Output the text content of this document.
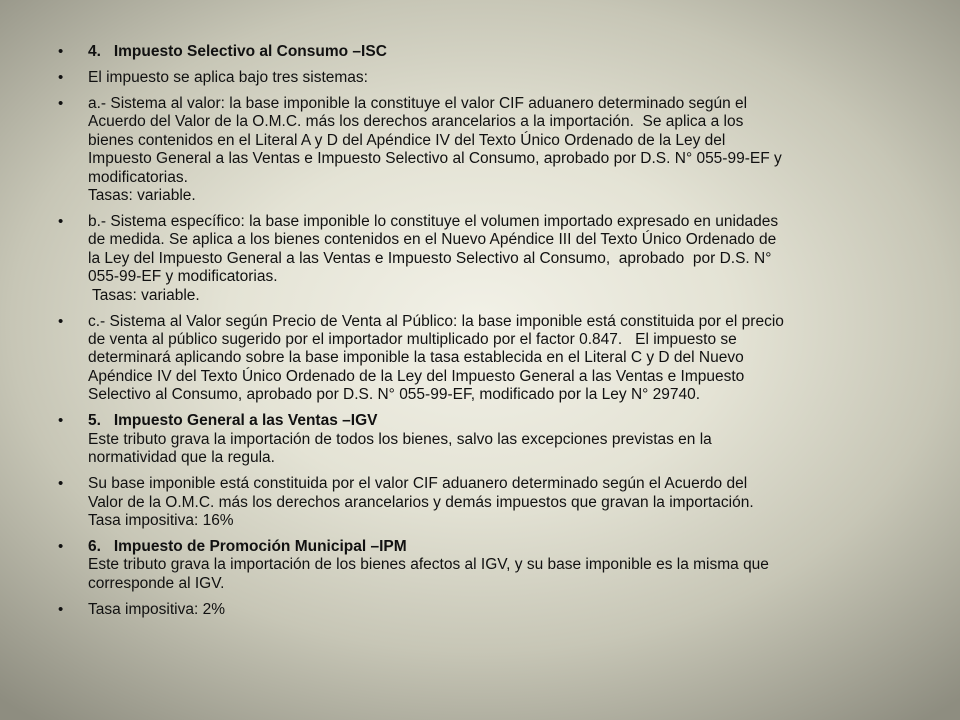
• 4.   Impuesto Selectivo al Consumo –ISC
• El impuesto se aplica bajo tres sistemas:
• a.- Sistema al valor: la base imponible la constituye el valor CIF aduanero determinado según el
Acuerdo del Valor de la O.M.C. más los derechos arancelarios a la importación.  Se aplica a los
bienes contenidos en el Literal A y D del Apéndice IV del Texto Único Ordenado de la Ley del
Impuesto General a las Ventas e Impuesto Selectivo al Consumo, aprobado por D.S. N° 055-99-EF y
modificatorias.
Tasas: variable.
• b.- Sistema específico: la base imponible lo constituye el volumen importado expresado en unidades
de medida. Se aplica a los bienes contenidos en el Nuevo Apéndice III del Texto Único Ordenado de
la Ley del Impuesto General a las Ventas e Impuesto Selectivo al Consumo,  aprobado  por D.S. N°
055-99-EF y modificatorias.
Tasas: variable.
• c.- Sistema al Valor según Precio de Venta al Público: la base imponible está constituida por el precio
de venta al público sugerido por el importador multiplicado por el factor 0.847.   El impuesto se
determinará aplicando sobre la base imponible la tasa establecida en el Literal C y D del Nuevo
Apéndice IV del Texto Único Ordenado de la Ley del Impuesto General a las Ventas e Impuesto
Selectivo al Consumo, aprobado por D.S. N° 055-99-EF, modificado por la Ley N° 29740.
• 5.   Impuesto General a las Ventas –IGV
Este tributo grava la importación de todos los bienes, salvo las excepciones previstas en la
normatividad que la regula.
• Su base imponible está constituida por el valor CIF aduanero determinado según el Acuerdo del
Valor de la O.M.C. más los derechos arancelarios y demás impuestos que gravan la importación.
Tasa impositiva: 16%
• 6.   Impuesto de Promoción Municipal –IPM
Este tributo grava la importación de los bienes afectos al IGV, y su base imponible es la misma que
corresponde al IGV.
• Tasa impositiva: 2%
